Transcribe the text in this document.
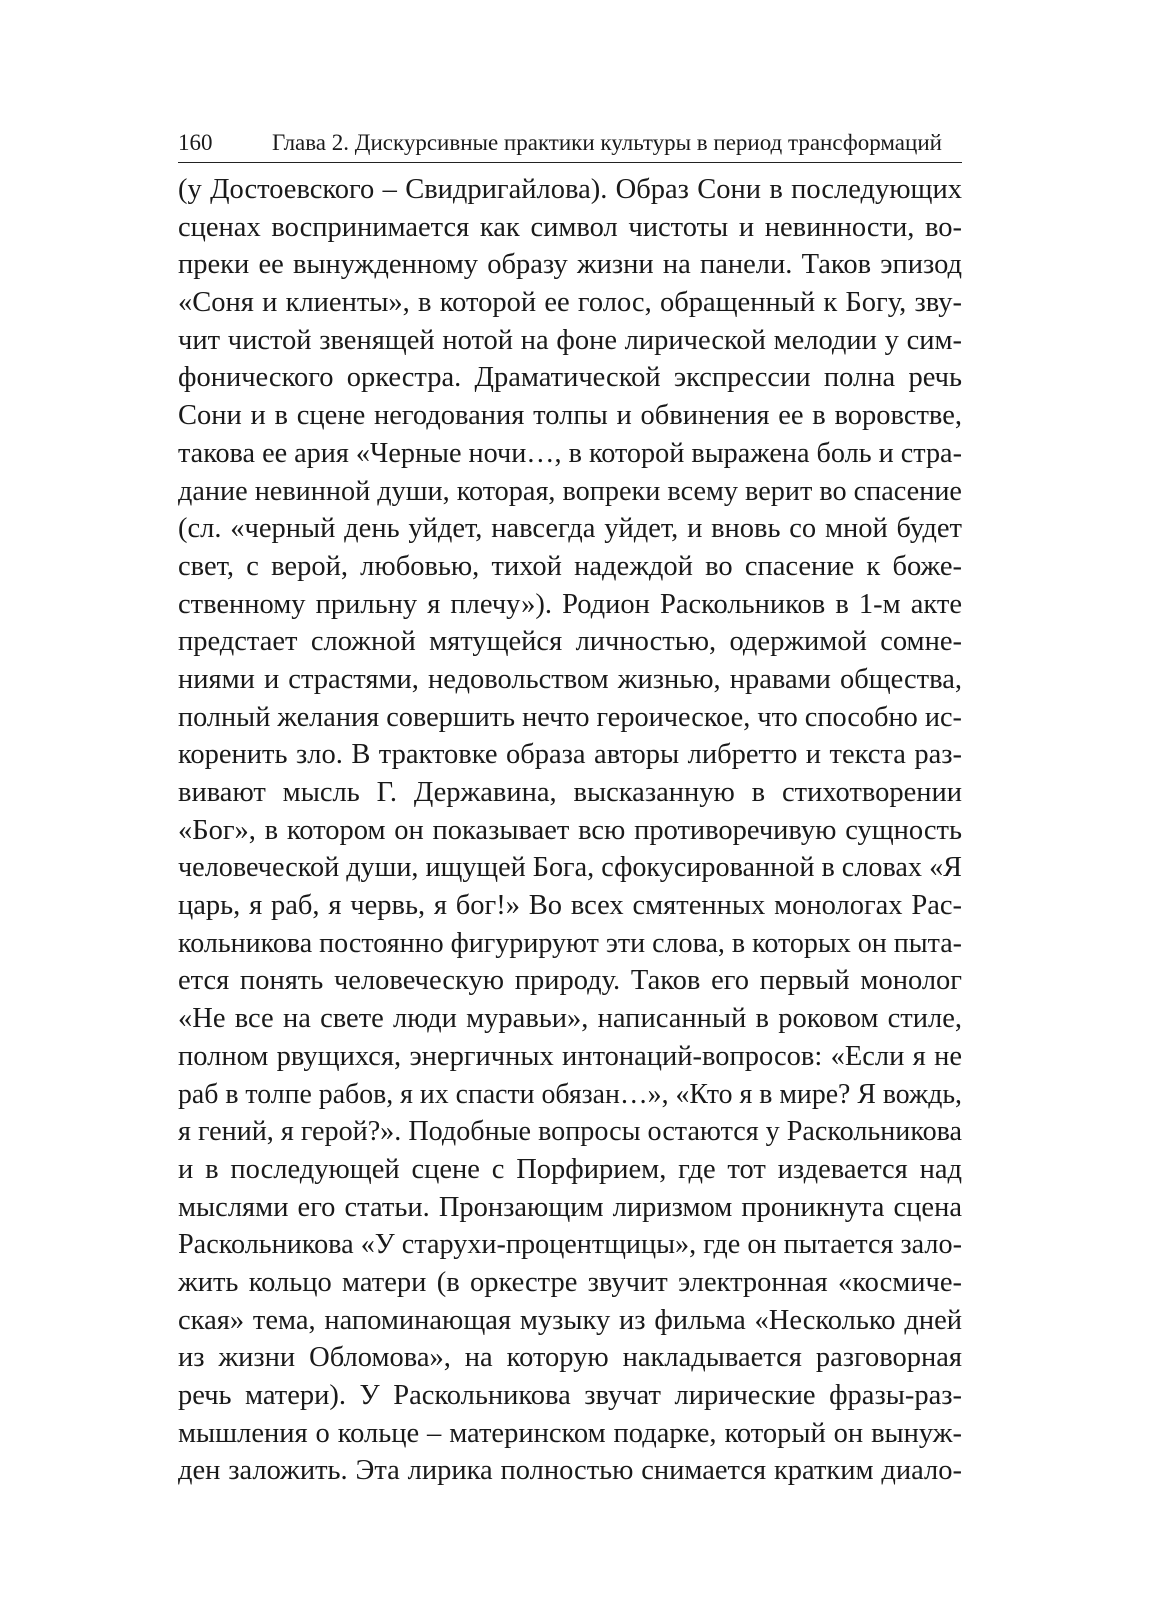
160	Глава 2. Дискурсивные практики культуры в период трансформаций
(у Достоевского – Свидригайлова). Образ Сони в последующих
сценах воспринимается как символ чистоты и невинности, во-
преки ее вынужденному образу жизни на панели. Таков эпизод
«Соня и клиенты», в которой ее голос, обращенный к Богу, зву-
чит чистой звенящей нотой на фоне лирической мелодии у сим-
фонического оркестра. Драматической экспрессии полна речь
Сони и в сцене негодования толпы и обвинения ее в воровстве,
такова ее ария «Черные ночи…, в которой выражена боль и стра-
дание невинной души, которая, вопреки всему верит во спасение
(сл. «черный день уйдет, навсегда уйдет, и вновь со мной будет
свет, с верой, любовью, тихой надеждой во спасение к боже-
ственному прильну я плечу»). Родион Раскольников в 1-м акте
предстает сложной мятущейся личностью, одержимой сомне-
ниями и страстями, недовольством жизнью, нравами общества,
полный желания совершить нечто героическое, что способно ис-
коренить зло. В трактовке образа авторы либретто и текста раз-
вивают мысль Г. Державина, высказанную в стихотворении
«Бог», в котором он показывает всю противоречивую сущность
человеческой души, ищущей Бога, сфокусированной в словах «Я
царь, я раб, я червь, я бог!» Во всех смятенных монологах Рас-
кольникова постоянно фигурируют эти слова, в которых он пыта-
ется понять человеческую природу. Таков его первый монолог
«Не все на свете люди муравьи», написанный в роковом стиле,
полном рвущихся, энергичных интонаций-вопросов: «Если я не
раб в толпе рабов, я их спасти обязан…», «Кто я в мире? Я вождь,
я гений, я герой?». Подобные вопросы остаются у Раскольникова
и в последующей сцене с Порфирием, где тот издевается над
мыслями его статьи. Пронзающим лиризмом проникнута сцена
Раскольникова «У старухи-процентщицы», где он пытается зало-
жить кольцо матери (в оркестре звучит электронная «космиче-
ская» тема, напоминающая музыку из фильма «Несколько дней
из жизни Обломова», на которую накладывается разговорная
речь матери). У Раскольникова звучат лирические фразы-раз-
мышления о кольце – материнском подарке, который он вынуж-
ден заложить. Эта лирика полностью снимается кратким диало-
